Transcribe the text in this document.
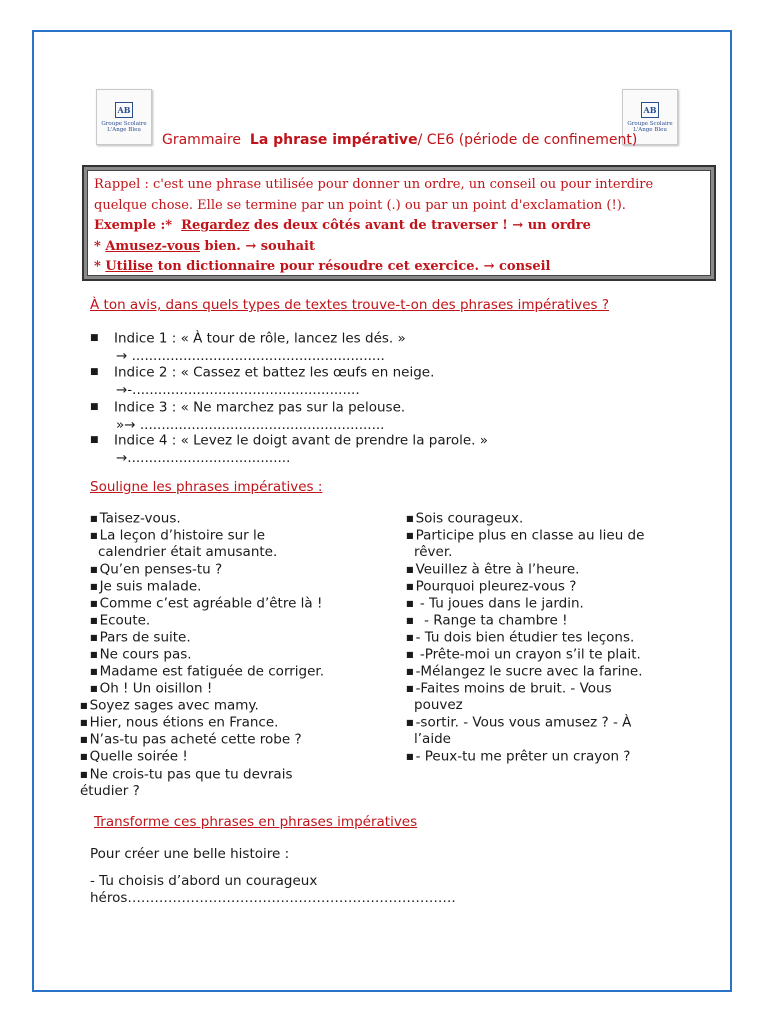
AB
Groupe Scolaire
L'Ange Bleu
AB
Groupe Scolaire
L'Ange Bleu
Grammaire La phrase impérative/ CE6 (période de confinement)
Rappel : c'est une phrase utilisée pour donner un ordre, un conseil ou pour interdire
quelque chose. Elle se termine par un point (.) ou par un point d'exclamation (!).
Exemple :* Regardez des deux côtés avant de traverser ! → un ordre
* Amusez-vous bien. → souhait
* Utilise ton dictionnaire pour résoudre cet exercice. → conseil
À ton avis, dans quels types de textes trouve-t-on des phrases impératives ?
■ Indice 1 : « À tour de rôle, lancez les dés. »
→ ...........................................................
■ Indice 2 : « Cassez et battez les œufs en neige.
→-.....................................................
■ Indice 3 : « Ne marchez pas sur la pelouse.
»→ .........................................................
■ Indice 4 : « Levez le doigt avant de prendre la parole. »
→......................................
Souligne les phrases impératives :
■ Taisez-vous.
■ La leçon d’histoire sur le
calendrier était amusante.
■ Qu’en penses-tu ?
■ Je suis malade.
■ Comme c’est agréable d’être là !
■ Ecoute.
■ Pars de suite.
■ Ne cours pas.
■ Madame est fatiguée de corriger.
■ Oh ! Un oisillon !
■ Soyez sages avec mamy.
■ Hier, nous étions en France.
■ N’as-tu pas acheté cette robe ?
■ Quelle soirée !
■ Ne crois-tu pas que tu devrais
étudier ?
■ Sois courageux.
■ Participe plus en classe au lieu de
rêver.
■ Veuillez à être à l’heure.
■ Pourquoi pleurez-vous ?
■ - Tu joues dans le jardin.
■  - Range ta chambre !
■ - Tu dois bien étudier tes leçons.
■ -Prête-moi un crayon s’il te plait.
■ -Mélangez le sucre avec la farine.
■ -Faites moins de bruit. - Vous
pouvez
■ -sortir. - Vous vous amusez ? - À
l’aide
■ - Peux-tu me prêter un crayon ?
Transforme ces phrases en phrases impératives
Pour créer une belle histoire :
- Tu choisis d’abord un courageux
héros……………………………………………………………….
